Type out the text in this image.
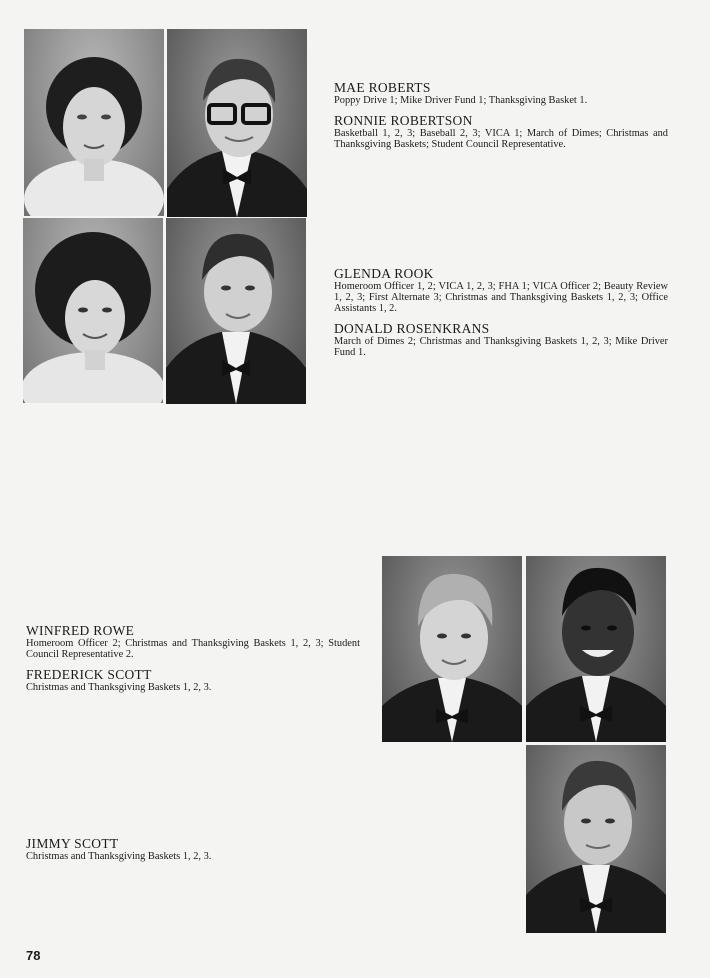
MAE ROBERTS

Poppy Drive 1; Mike Driver Fund 1; Thanksgiving Basket 1.

RONNIE ROBERTSON

Basketball 1, 2, 3; Baseball 2, 3; VICA 1; March of Dimes; Christmas and Thanksgiving Baskets; Student Council Representative.

GLENDA ROOK

Homeroom Officer 1, 2; VICA 1, 2, 3; FHA 1; VICA Officer 2; Beauty Review 1, 2, 3; First Alternate 3; Christmas and Thanksgiving Baskets 1, 2, 3; Office Assistants 1, 2.

DONALD ROSENKRANS

March of Dimes 2; Christmas and Thanksgiving Baskets 1, 2, 3; Mike Driver Fund 1.

WINFRED ROWE

Homeroom Officer 2; Christmas and Thanksgiving Baskets 1, 2, 3; Student Council Representative 2.

FREDERICK SCOTT

Christmas and Thanksgiving Baskets 1, 2, 3.

JIMMY SCOTT

Christmas and Thanksgiving Baskets 1, 2, 3.

78
